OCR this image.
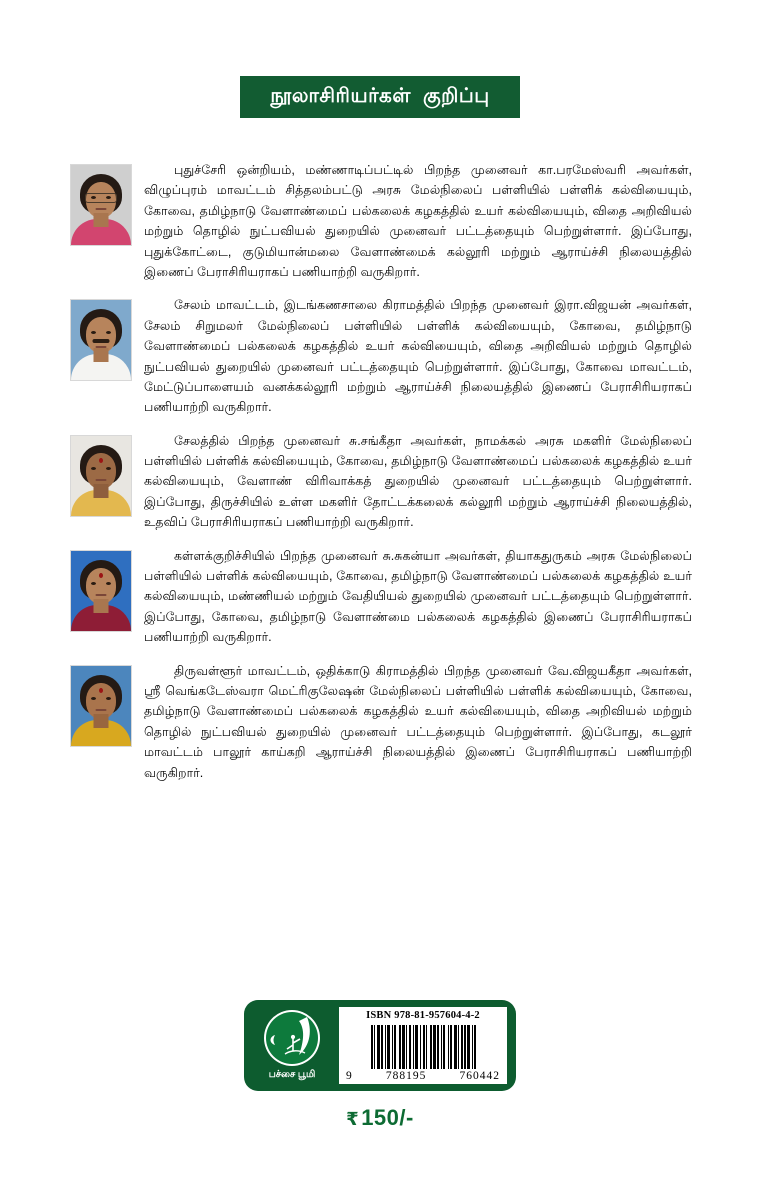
நூலாசிரியர்கள்  குறிப்பு
புதுச்சேரி ஒன்றியம், மண்ணாடிப்பட்டில் பிறந்த முனைவர் கா.பரமேஸ்வரி அவர்கள், விழுப்புரம் மாவட்டம் சித்தலம்பட்டு அரசு மேல்நிலைப் பள்ளியில் பள்ளிக் கல்வியையும், கோவை, தமிழ்நாடு வேளாண்மைப் பல்கலைக் கழகத்தில் உயர் கல்வியையும், விதை அறிவியல் மற்றும் தொழில் நுட்பவியல் துறையில் முனைவர் பட்டத்தையும் பெற்றுள்ளார். இப்போது, புதுக்கோட்டை, குடுமியான்மலை வேளாண்மைக் கல்லூரி மற்றும் ஆராய்ச்சி நிலையத்தில் இணைப் பேராசிரியராகப் பணியாற்றி வருகிறார்.
சேலம் மாவட்டம், இடங்கணசாலை கிராமத்தில் பிறந்த முனைவர் இரா.விஜயன் அவர்கள், சேலம் சிறுமலர் மேல்நிலைப் பள்ளியில் பள்ளிக் கல்வியையும், கோவை, தமிழ்நாடு வேளாண்மைப் பல்கலைக் கழகத்தில் உயர் கல்வியையும், விதை அறிவியல் மற்றும் தொழில் நுட்பவியல் துறையில் முனைவர் பட்டத்தையும் பெற்றுள்ளார். இப்போது, கோவை மாவட்டம், மேட்டுப்பாளையம் வனக்கல்லூரி மற்றும் ஆராய்ச்சி நிலையத்தில் இணைப் பேராசிரியராகப் பணியாற்றி வருகிறார்.
சேலத்தில் பிறந்த முனைவர் சு.சங்கீதா அவர்கள், நாமக்கல் அரசு மகளிர் மேல்நிலைப் பள்ளியில் பள்ளிக் கல்வியையும், கோவை, தமிழ்நாடு வேளாண்மைப் பல்கலைக் கழகத்தில் உயர் கல்வியையும், வேளாண் விரிவாக்கத் துறையில் முனைவர் பட்டத்தையும் பெற்றுள்ளார். இப்போது, திருச்சியில் உள்ள மகளிர் தோட்டக்கலைக் கல்லூரி மற்றும் ஆராய்ச்சி நிலையத்தில், உதவிப் பேராசிரியராகப் பணியாற்றி வருகிறார்.
கள்ளக்குறிச்சியில் பிறந்த முனைவர் சு.சுகன்யா அவர்கள், தியாகதுருகம் அரசு மேல்நிலைப் பள்ளியில் பள்ளிக் கல்வியையும், கோவை, தமிழ்நாடு வேளாண்மைப் பல்கலைக் கழகத்தில் உயர் கல்வியையும், மண்ணியல் மற்றும் வேதியியல் துறையில் முனைவர் பட்டத்தையும் பெற்றுள்ளார். இப்போது, கோவை, தமிழ்நாடு வேளாண்மை பல்கலைக் கழகத்தில் இணைப் பேராசிரியராகப் பணியாற்றி வருகிறார்.
திருவள்ளூர் மாவட்டம், ஒதிக்காடு கிராமத்தில் பிறந்த முனைவர் வே.விஜயகீதா அவர்கள், ஸ்ரீ வெங்கடேஸ்வரா மெட்ரிகுலேஷன் மேல்நிலைப் பள்ளியில் பள்ளிக் கல்வியையும், கோவை, தமிழ்நாடு வேளாண்மைப் பல்கலைக் கழகத்தில் உயர் கல்வியையும், விதை அறிவியல் மற்றும் தொழில் நுட்பவியல் துறையில் முனைவர் பட்டத்தையும் பெற்றுள்ளார். இப்போது, கடலூர் மாவட்டம் பாலூர் காய்கறி ஆராய்ச்சி நிலையத்தில் இணைப் பேராசிரியராகப் பணியாற்றி வருகிறார்.
பச்சை பூமி
ISBN 978-81-957604-4-2
9	788195	760442
₹150/-
